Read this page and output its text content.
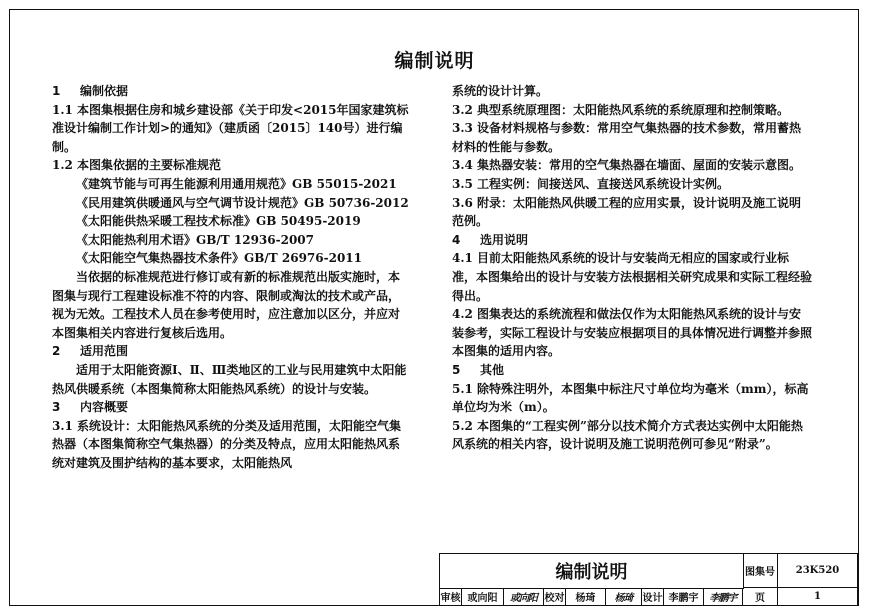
编制说明

1 编制依据

1.1 本图集根据住房和城乡建设部《关于印发<2015年国家建筑标准设计编制工作计划>的通知》（建质函〔2015〕140号）进行编制。

1.2 本图集依据的主要标准规范

《建筑节能与可再生能源利用通用规范》GB 55015-2021

《民用建筑供暖通风与空气调节设计规范》GB 50736-2012

《太阳能供热采暖工程技术标准》GB 50495-2019

《太阳能热利用术语》GB/T 12936-2007

《太阳能空气集热器技术条件》GB/T 26976-2011

当依据的标准规范进行修订或有新的标准规范出版实施时，本图集与现行工程建设标准不符的内容、限制或淘汰的技术或产品，视为无效。工程技术人员在参考使用时，应注意加以区分，并应对本图集相关内容进行复核后选用。

2 适用范围

适用于太阳能资源Ⅰ、Ⅱ、Ⅲ类地区的工业与民用建筑中太阳能热风供暖系统（本图集简称太阳能热风系统）的设计与安装。

3 内容概要

3.1 系统设计：太阳能热风系统的分类及适用范围，太阳能空气集热器（本图集简称空气集热器）的分类及特点，应用太阳能热风系统对建筑及围护结构的基本要求，太阳能热风

系统的设计计算。

3.2 典型系统原理图：太阳能热风系统的系统原理和控制策略。

3.3 设备材料规格与参数：常用空气集热器的技术参数，常用蓄热材料的性能与参数。

3.4 集热器安装：常用的空气集热器在墙面、屋面的安装示意图。

3.5 工程实例：间接送风、直接送风系统设计实例。

3.6 附录：太阳能热风供暖工程的应用实景，设计说明及施工说明范例。

4 选用说明

4.1 目前太阳能热风系统的设计与安装尚无相应的国家或行业标准，本图集给出的设计与安装方法根据相关研究成果和实际工程经验得出。

4.2 图集表达的系统流程和做法仅作为太阳能热风系统的设计与安装参考，实际工程设计与安装应根据项目的具体情况进行调整并参照本图集的适用内容。

5 其他

5.1 除特殊注明外，本图集中标注尺寸单位均为毫米（mm），标高单位均为米（m）。

5.2 本图集的“工程实例”部分以技术简介方式表达实例中太阳能热风系统的相关内容，设计说明及施工说明范例可参见“附录”。

编制说明	图集号	23K520
审核 或向阳	或向阳 校对	杨琦	杨琦	设计 李鹏宇	李鹏宇	页	1
